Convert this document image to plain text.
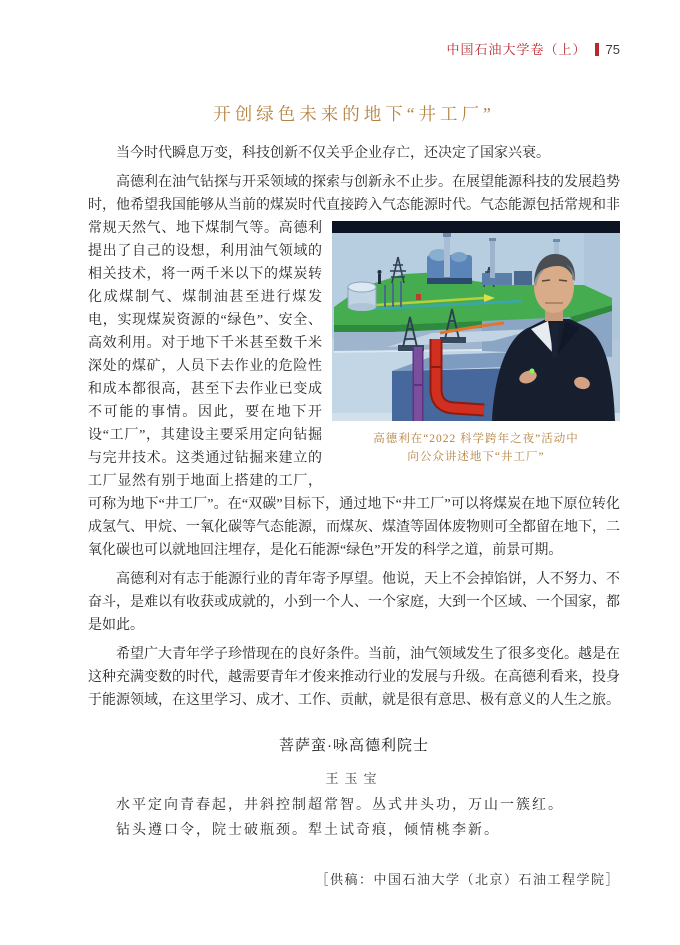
中国石油大学卷（上） 75
开创绿色未来的地下“井工厂”

当今时代瞬息万变，科技创新不仅关乎企业存亡，还决定了国家兴衰。

高德利在油气钻探与开采领域的探索与创新永不止步。在展望能源科技的发展趋势时，他希望我国能够从当前的煤炭时代直接跨入气态能源时代。气态能源包括常规和
高德利在“2022 科学跨年之夜”活动中
向公众讲述地下“井工厂”
非常规天然气、地下煤制气等。高德利提出了自己的设想，利用油气领域的相关技术，将一两千米以下的煤炭转化成煤制气、煤制油甚至进行煤发电，实现煤炭资源的“绿色”、安全、高效利用。对于地下千米甚至数千米深处的煤矿，人员下去作业的危险性和成本都很高，甚至下去作业已变成不可能的事情。因此，要在地下开设“工厂”，其建设主要采用定向钻掘与完井技术。这类通过钻掘来建立的工厂显然有别于地面上搭建的工厂，可称为地下“井工厂”。在“双碳”目标下，通过地下“井工厂”可以将煤炭在地下原位转化成氢气、甲烷、一氧化碳等气态能源，而煤灰、煤渣等固体废物则可全都留在地下，二氧化碳也可以就地回注埋存，是化石能源“绿色”开发的科学之道，前景可期。

高德利对有志于能源行业的青年寄予厚望。他说，天上不会掉馅饼，人不努力、不奋斗，是难以有收获或成就的，小到一个人、一个家庭，大到一个区域、一个国家，都是如此。

希望广大青年学子珍惜现在的良好条件。当前，油气领域发生了很多变化。越是在这种充满变数的时代，越需要青年才俊来推动行业的发展与升级。在高德利看来，投身于能源领域，在这里学习、成才、工作、贡献，就是很有意思、极有意义的人生之旅。

菩萨蛮·咏高德利院士
王玉宝

水平定向青春起，井斜控制超常智。丛式井头功，万山一簇红。

钻头遵口令，院士破瓶颈。犁土试奇痕，倾情桃李新。

［供稿：中国石油大学（北京）石油工程学院］
